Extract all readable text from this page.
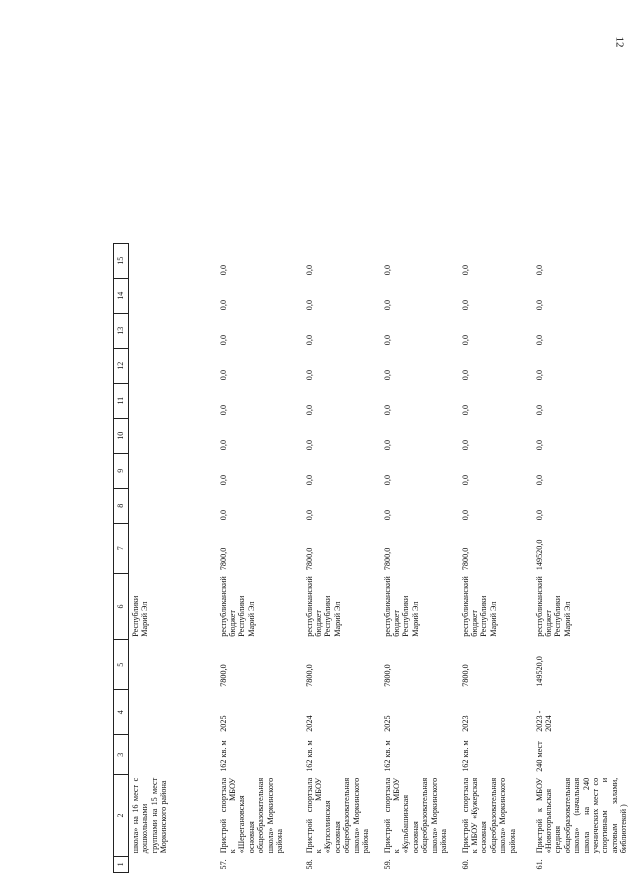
12
1	2	3	4	5	6	7	8	9	10	11	12	13	14	15
	школа» на 16 мест с дошкольными группами на 15 мест Моркинского района				Республики Марий Эл									
57.	Пристрой спортзала к МБОУ «Шерегановская основная общеобразовательная школа» Моркинского района	162 кв. м	2025	7800,0	республиканский бюджет Республики Марий Эл	7800,0	0,0	0,0	0,0	0,0	0,0	0,0	0,0	0,0
58.	Пристрой спортзала к МБОУ «Купсолинская основная общеобразовательная школа» Моркинского района	162 кв. м	2024	7800,0	республиканский бюджет Республики Марий Эл	7800,0	0,0	0,0	0,0	0,0	0,0	0,0	0,0	0,0
59.	Пристрой спортзала к МБОУ «Кульбашинская основная общеобразовательная школа» Моркинского района	162 кв. м	2025	7800,0	республиканский бюджет Республики Марий Эл	7800,0	0,0	0,0	0,0	0,0	0,0	0,0	0,0	0,0
60.	Пристрой спортзала к МБОУ «Кужерская основная общеобразовательная школа» Моркинского района	162 кв. м	2023	7800,0	республиканский бюджет Республики Марий Эл	7800,0	0,0	0,0	0,0	0,0	0,0	0,0	0,0	0,0
61.	Пристрой к МБОУ «Новоторъяльская средняя общеобразовательная школа» (начальная школа на 240 ученических мест со спортивным и актовым залами, библиотекой )	240 мест	2023 - 2024	149520,0	республиканский бюджет Республики Марий Эл	149520,0	0,0	0,0	0,0	0,0	0,0	0,0	0,0	0,0
